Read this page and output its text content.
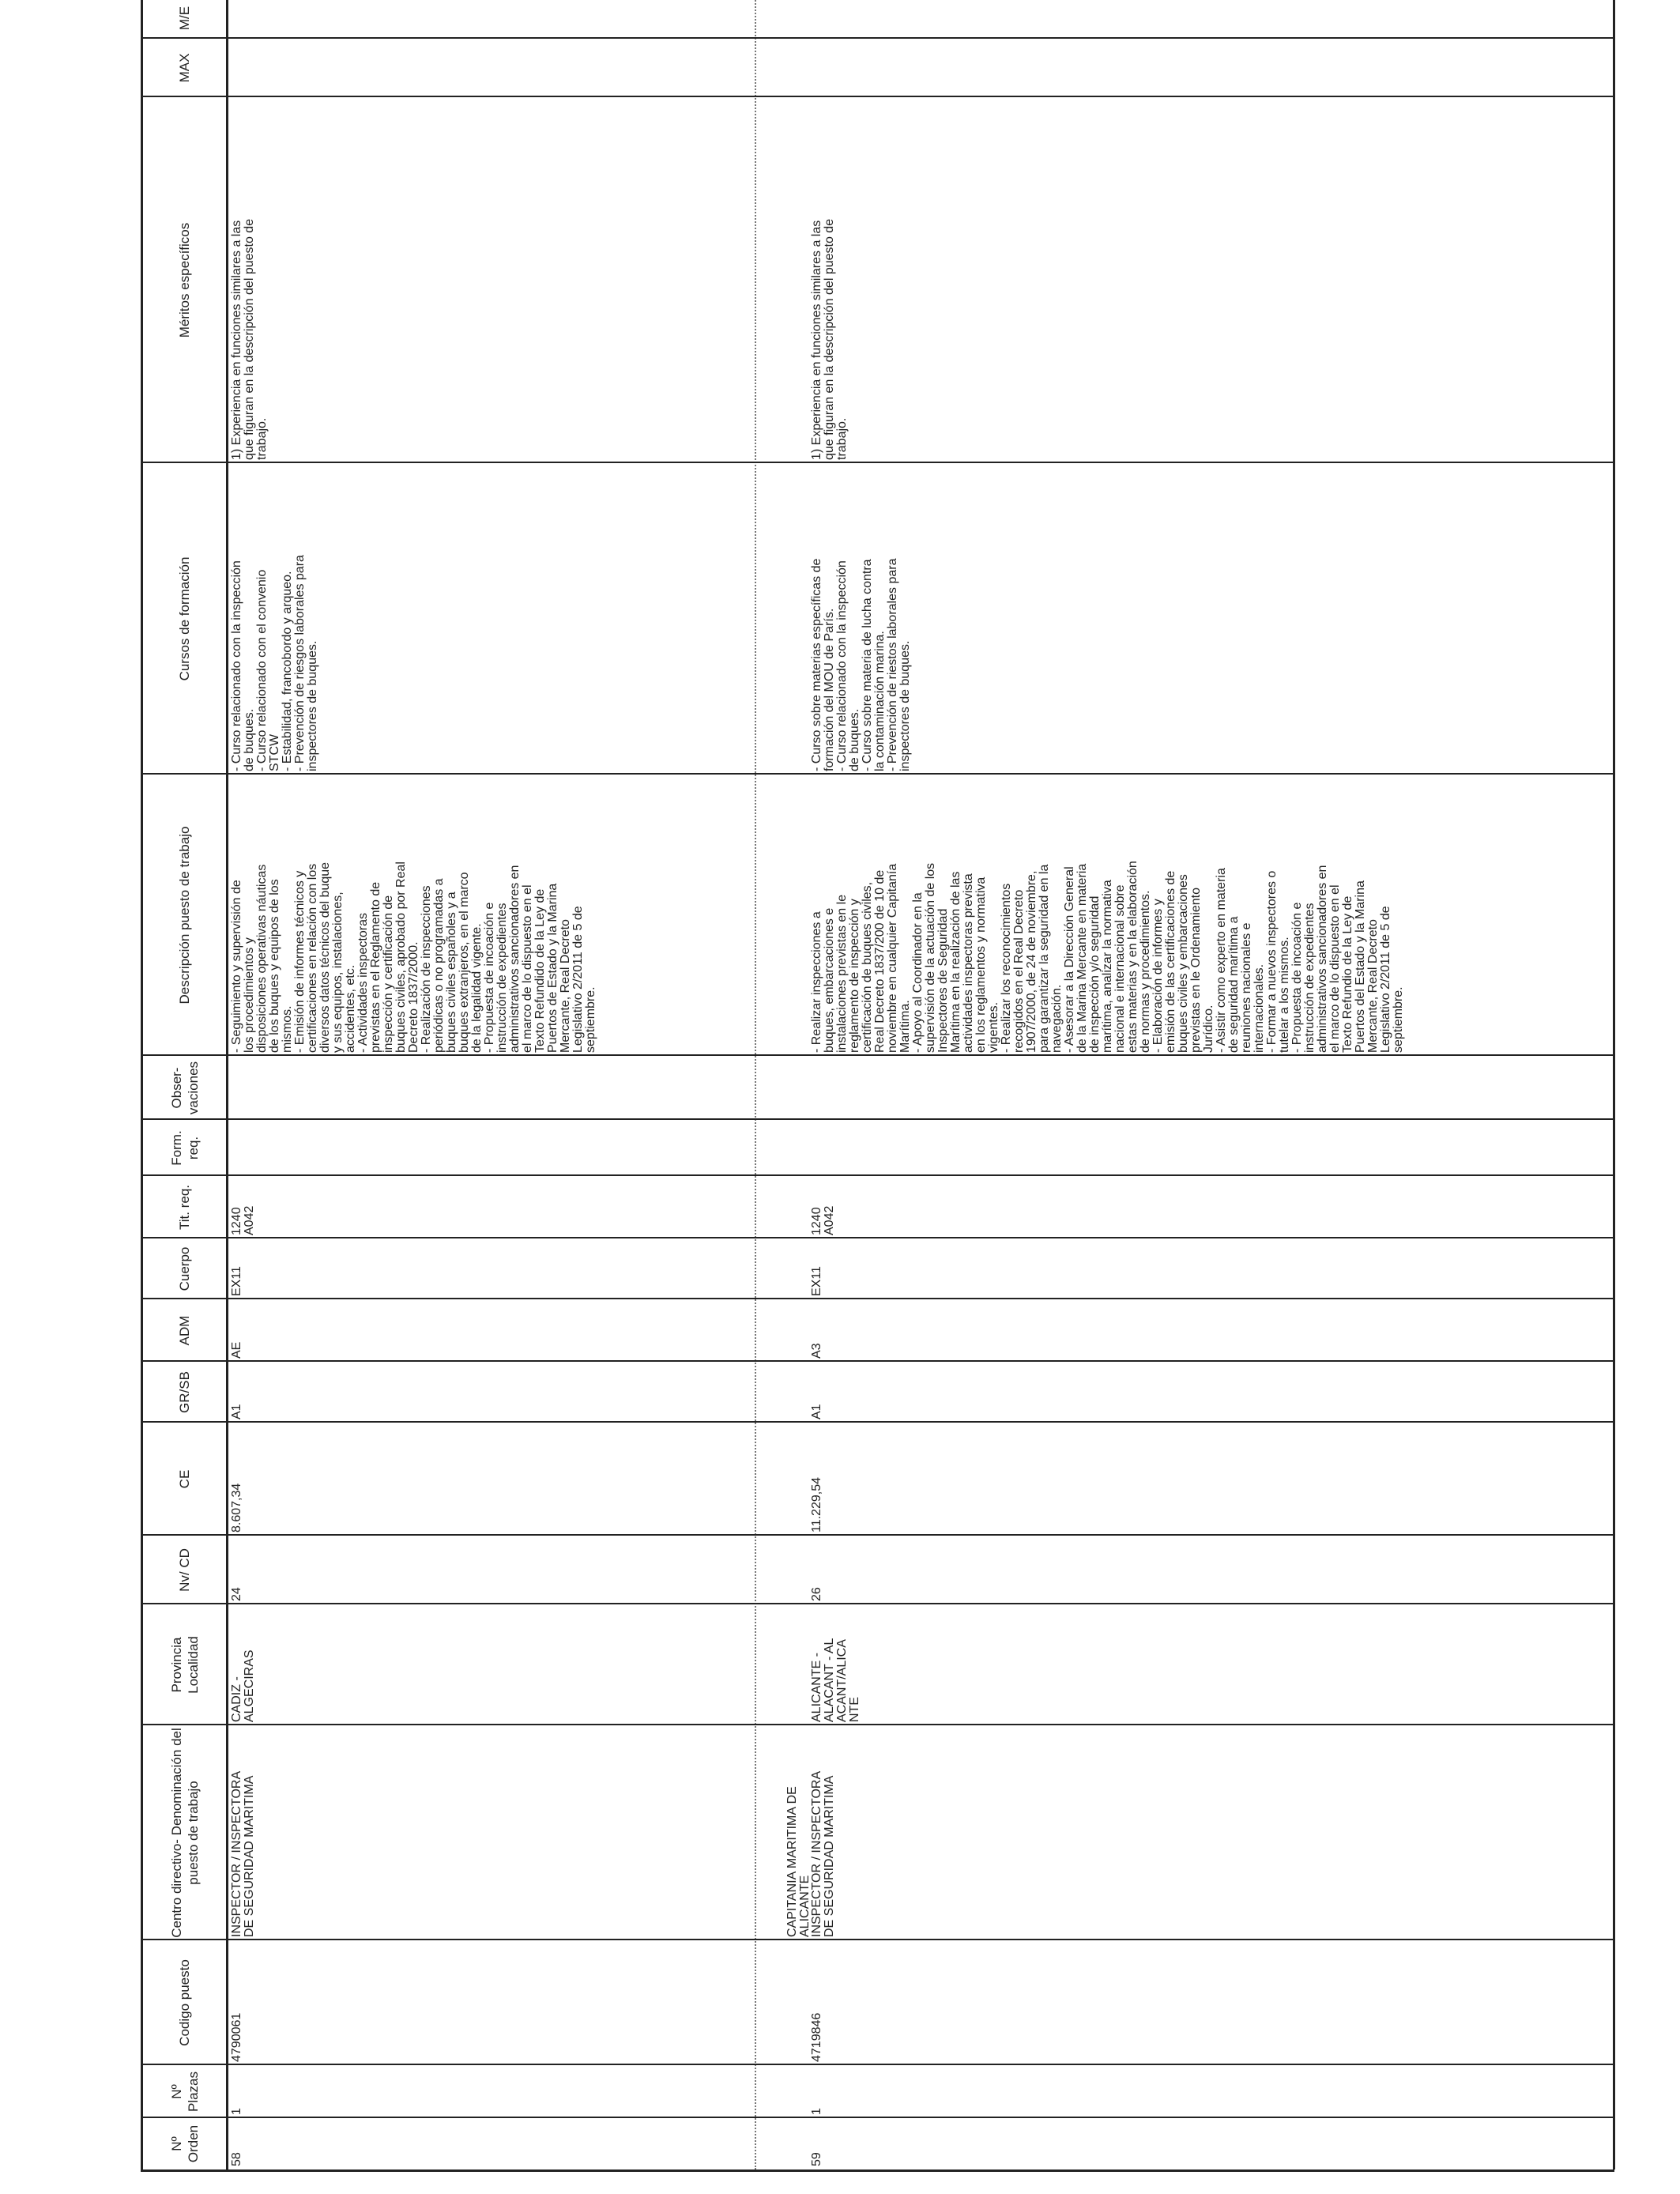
Nº Orden
Nº Plazas
Codigo puesto
Centro directivo- Denominación del puesto de trabajo
Provincia Localidad
Nv/ CD
CE
GR/SB
ADM
Cuerpo
Tit. req.
Form. req.
Obser- vaciones
Descripción puesto de trabajo
Cursos de formación
Méritos específicos
MAX
M/E
58
1
4790061
INSPECTOR / INSPECTORA
DE SEGURIDAD MARITIMA
CADIZ -
ALGECIRAS
24
8.607,34
A1
AE
EX11
1240
A042
- Seguimiento y supervisión de
los procedimientos y
disposiciones operativas náuticas
de los buques y equipos de los
mismos.
- Emisión de informes técnicos y
certificaciones en relación con los
diversos datos técnicos del buque
y sus equipos, instalaciones,
accidentes, etc.
- Actividades inspectoras
previstas en el Reglamento de
inspección y certificación de
buques civiles, aprobado por Real
Decreto 1837/2000.
- Realización de inspecciones
periódicas o no programadas a
buques civiles españoles y a
buques extranjeros, en el marco
de la legalidad vigente.
- Propuesta de incoación e
instrucción de expedientes
administrativos sancionadores en
el marco de lo dispuesto en el
Texto Refundido de la Ley de
Puertos de Estado y la Marina
Mercante, Real Decreto
Legislativo 2/2011 de 5 de
septiembre.
- Curso relacionado con la inspección
de buques.
- Curso relacionado con el convenio
STCW
- Estabilidad, francobordo y arqueo.
- Prevención de riesgos laborales para
inspectores de buques.
1) Experiencia en funciones similares a las
que figuran en la descripción del puesto de
trabajo.
CAPITANIA MARITIMA DE
ALICANTE
59
1
4719846
INSPECTOR / INSPECTORA
DE SEGURIDAD MARITIMA
ALICANTE -
ALACANT - AL
ACANT/ALICA
NTE
26
11.229,54
A1
A3
EX11
1240
A042
- Realizar inspecciones a
buques, embarcaciones e
instalaciones previstas en le
reglamento de inspección y
certificación de buques civiles,
Real Decreto 1837/200 de 10 de
noviembre en cualquier Capitanía
Marítima.
- Apoyo al Coordinador en la
supervisión de la actuación de los
Inspectores de Seguridad
Marítima en la realización de las
actividades inspectoras prevista
en los reglamentos y normativa
vigentes.
- Realizar los reconocimientos
recogidos en el Real Decreto
1907/2000, de 24 de noviembre,
para garantizar la seguridad en la
navegación.
- Asesorar a la Dirección General
de la Marina Mercante en materia
de inspección y/o seguridad
marítima, analizar la normativa
nacional e internacional sobre
estas materias y en la elaboración
de normas y procedimientos.
- Elaboración de informes y
emisión de las certificaciones de
buques civiles y embarcaciones
previstas en le Ordenamiento
Jurídico.
- Asistir como experto en materia
de seguridad marítima a
reuniones nacionales e
internacionales.
- Formar a nuevos inspectores o
tutelar a los mismos.
- Propuesta de incoación e
instrucción de expedientes
administrativos sancionadores en
el marco de lo dispuesto en el
Texto Refundio de la Ley de
Puertos del Estado y la Marina
Mercante, Real Decreto
Legislativo 2/2011 de 5 de
septiembre.
- Curso sobre materias específicas de
formación del MOU de París.
- Curso relacionado con la inspección
de buques.
- Curso sobre materia de lucha contra
la contaminación marina.
- Prevención de riestos laborales para
inspectores de buques.
1) Experiencia en funciones similares a las
que figuran en la descripción del puesto de
trabajo.
